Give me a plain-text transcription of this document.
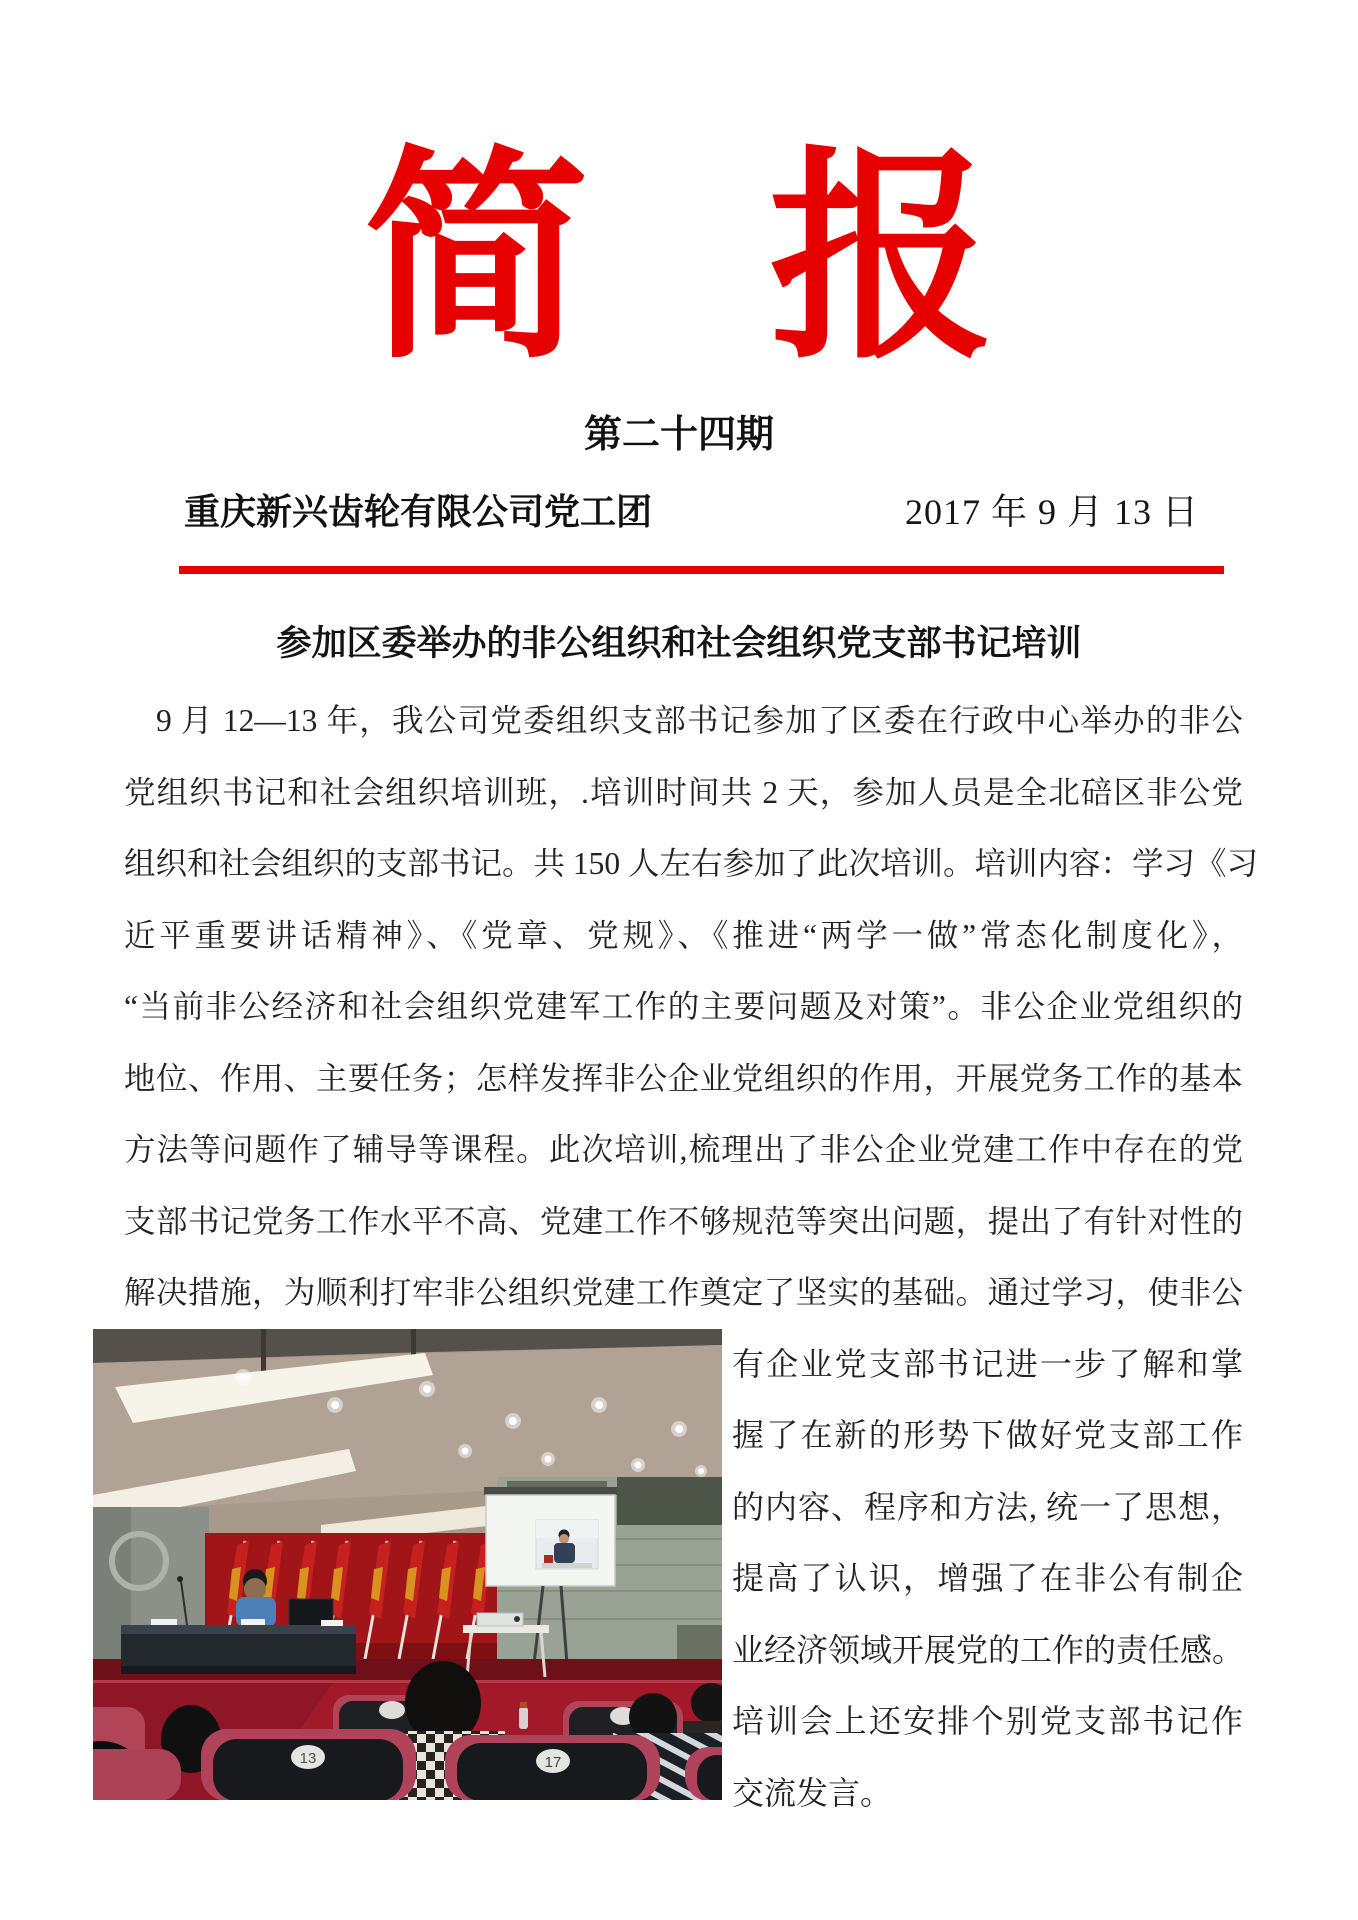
简 报
第二十四期
重庆新兴齿轮有限公司党工团	2017 年 9 月 13 日
参加区委举办的非公组织和社会组织党支部书记培训
9 月 12—13 年，我公司党委组织支部书记参加了区委在行政中心举办的非公
党组织书记和社会组织培训班，.培训时间共 2 天，参加人员是全北碚区非公党
组织和社会组织的支部书记。共 150 人左右参加了此次培训。培训内容：学习《习
近平重要讲话精神》、《党章、党规》、《推进“两学一做”常态化制度化》，
“当前非公经济和社会组织党建军工作的主要问题及对策”。非公企业党组织的
地位、作用、主要任务；怎样发挥非公企业党组织的作用，开展党务工作的基本
方法等问题作了辅导等课程。此次培训,梳理出了非公企业党建工作中存在的党
支部书记党务工作水平不高、党建工作不够规范等突出问题，提出了有针对性的
解决措施，为顺利打牢非公组织党建工作奠定了坚实的基础。通过学习，使非公
13	17
有企业党支部书记进一步了解和掌
握了在新的形势下做好党支部工作
的内容、程序和方法, 统一了思想，
提高了认识，增强了在非公有制企
业经济领域开展党的工作的责任感。
培训会上还安排个别党支部书记作
交流发言。
